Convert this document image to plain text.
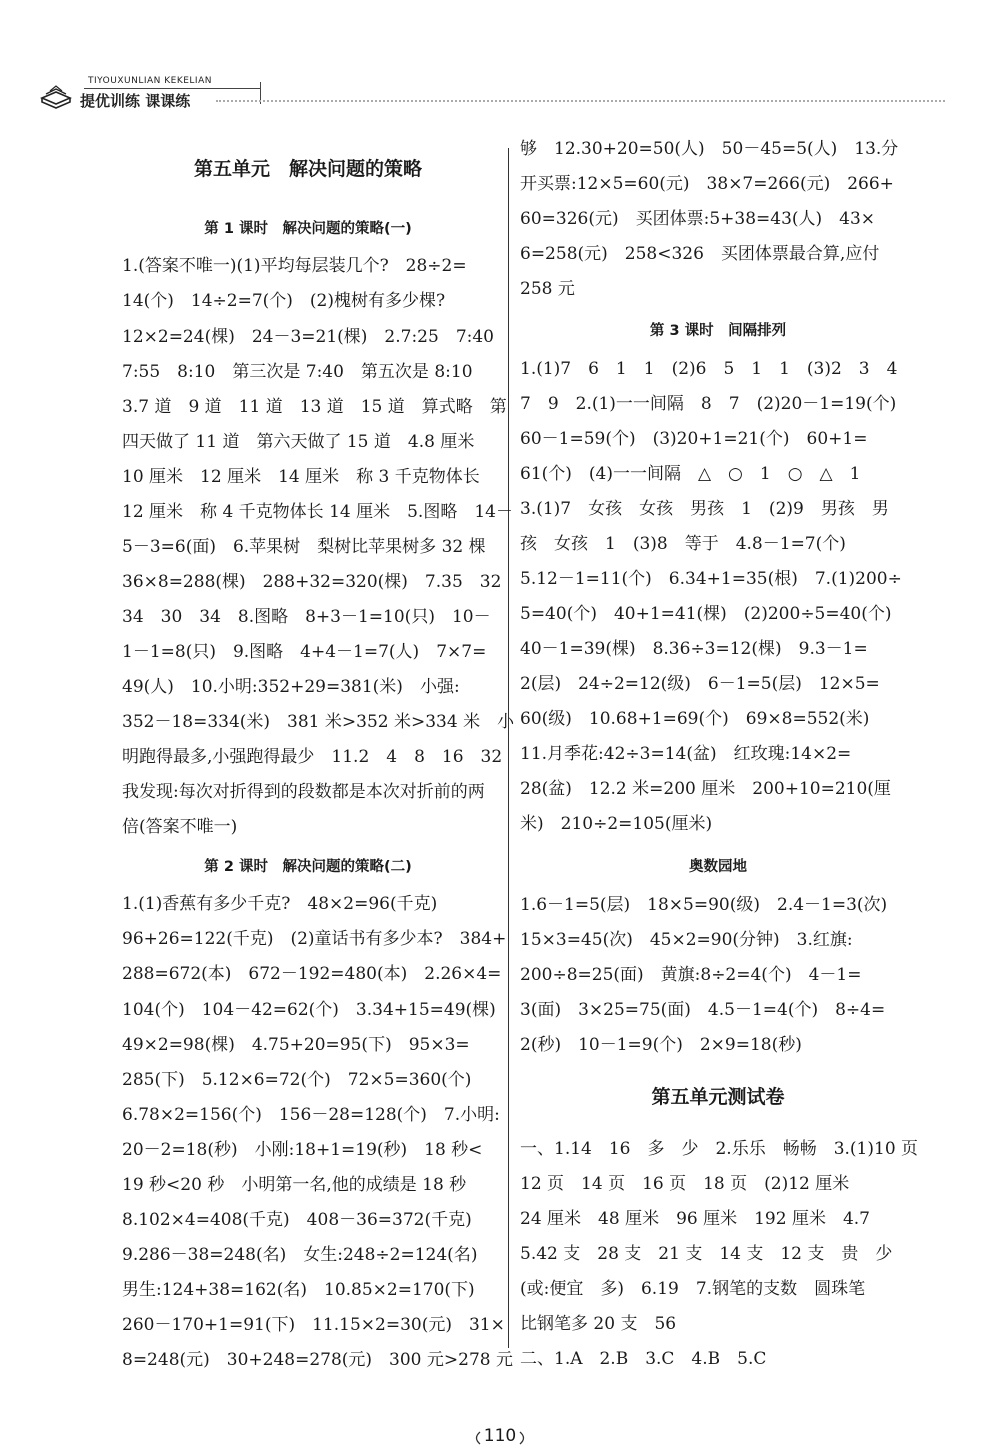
TIYOUXUNLIAN KEKELIAN
提优训练 课课练
第五单元　解决问题的策略
第 1 课时　解决问题的策略(一)
1.(答案不唯一)(1)平均每层装几个?　28÷2=
14(个)　14÷2=7(个)　(2)槐树有多少棵?
12×2=24(棵)　24－3=21(棵)　2.7:25　7:40
7:55　8:10　第三次是 7:40　第五次是 8:10
3.7 道　9 道　11 道　13 道　15 道　算式略　第
四天做了 11 道　第六天做了 15 道　4.8 厘米
10 厘米　12 厘米　14 厘米　称 3 千克物体长
12 厘米　称 4 千克物体长 14 厘米　5.图略　14－
5－3=6(面)　6.苹果树　梨树比苹果树多 32 棵
36×8=288(棵)　288+32=320(棵)　7.35　32
34　30　34　8.图略　8+3－1=10(只)　10－
1－1=8(只)　9.图略　4+4－1=7(人)　7×7=
49(人)　10.小明:352+29=381(米)　小强:
352－18=334(米)　381 米>352 米>334 米　小
明跑得最多,小强跑得最少　11.2　4　8　16　32
我发现:每次对折得到的段数都是本次对折前的两
倍(答案不唯一)
第 2 课时　解决问题的策略(二)
1.(1)香蕉有多少千克?　48×2=96(千克)
96+26=122(千克)　(2)童话书有多少本?　384+
288=672(本)　672－192=480(本)　2.26×4=
104(个)　104－42=62(个)　3.34+15=49(棵)
49×2=98(棵)　4.75+20=95(下)　95×3=
285(下)　5.12×6=72(个)　72×5=360(个)
6.78×2=156(个)　156－28=128(个)　7.小明:
20－2=18(秒)　小刚:18+1=19(秒)　18 秒<
19 秒<20 秒　小明第一名,他的成绩是 18 秒
8.102×4=408(千克)　408－36=372(千克)
9.286－38=248(名)　女生:248÷2=124(名)
男生:124+38=162(名)　10.85×2=170(下)
260－170+1=91(下)　11.15×2=30(元)　31×
8=248(元)　30+248=278(元)　300 元>278 元
够　12.30+20=50(人)　50－45=5(人)　13.分
开买票:12×5=60(元)　38×7=266(元)　266+
60=326(元)　买团体票:5+38=43(人)　43×
6=258(元)　258<326　买团体票最合算,应付
258 元
第 3 课时　间隔排列
1.(1)7　6　1　1　(2)6　5　1　1　(3)2　3　4
7　9　2.(1)一一间隔　8　7　(2)20－1=19(个)
60－1=59(个)　(3)20+1=21(个)　60+1=
61(个)　(4)一一间隔　△　○　1　○　△　1
3.(1)7　女孩　女孩　男孩　1　(2)9　男孩　男
孩　女孩　1　(3)8　等于　4.8－1=7(个)
5.12－1=11(个)　6.34+1=35(根)　7.(1)200÷
5=40(个)　40+1=41(棵)　(2)200÷5=40(个)
40－1=39(棵)　8.36÷3=12(棵)　9.3－1=
2(层)　24÷2=12(级)　6－1=5(层)　12×5=
60(级)　10.68+1=69(个)　69×8=552(米)
11.月季花:42÷3=14(盆)　红玫瑰:14×2=
28(盆)　12.2 米=200 厘米　200+10=210(厘
米)　210÷2=105(厘米)
奥数园地
1.6－1=5(层)　18×5=90(级)　2.4－1=3(次)
15×3=45(次)　45×2=90(分钟)　3.红旗:
200÷8=25(面)　黄旗:8÷2=4(个)　4－1=
3(面)　3×25=75(面)　4.5－1=4(个)　8÷4=
2(秒)　10－1=9(个)　2×9=18(秒)
第五单元测试卷
一、1.14　16　多　少　2.乐乐　畅畅　3.(1)10 页
12 页　14 页　16 页　18 页　(2)12 厘米
24 厘米　48 厘米　96 厘米　192 厘米　4.7
5.42 支　28 支　21 支　14 支　12 支　贵　少
(或:便宜　多)　6.19　7.钢笔的支数　圆珠笔
比钢笔多 20 支　56
二、1.A　2.B　3.C　4.B　5.C
110
